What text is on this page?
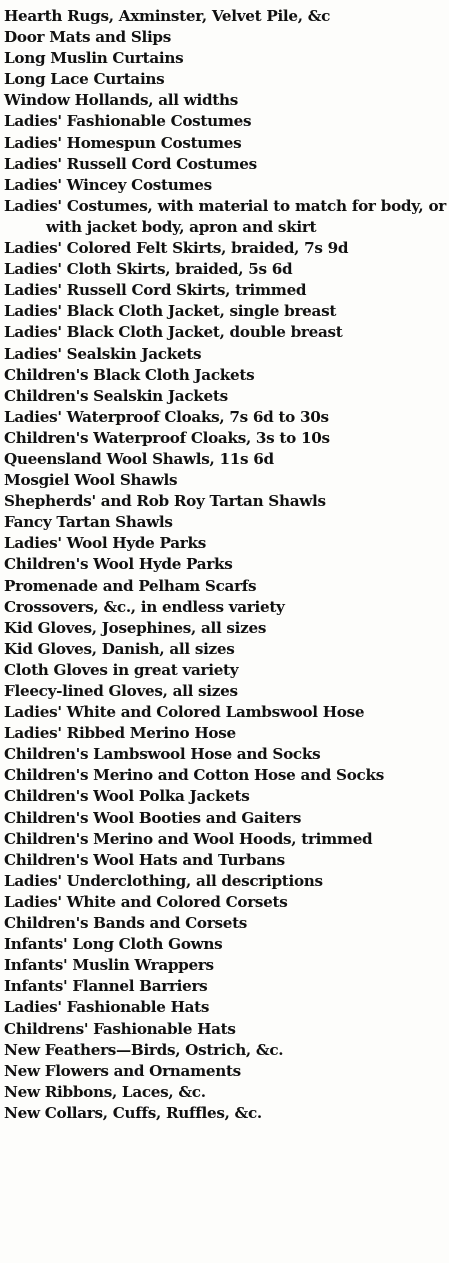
Hearth Rugs, Axminster, Velvet Pile, &c
Door Mats and Slips
Long Muslin Curtains
Long Lace Curtains
Window Hollands, all widths
Ladies' Fashionable Costumes
Ladies' Homespun Costumes
Ladies' Russell Cord Costumes
Ladies' Wincey Costumes
Ladies' Costumes, with material to match for body, or with jacket body, apron and skirt
Ladies' Colored Felt Skirts, braided, 7s 9d
Ladies' Cloth Skirts, braided, 5s 6d
Ladies' Russell Cord Skirts, trimmed
Ladies' Black Cloth Jacket, single breast
Ladies' Black Cloth Jacket, double breast
Ladies' Sealskin Jackets
Children's Black Cloth Jackets
Children's Sealskin Jackets
Ladies' Waterproof Cloaks, 7s 6d to 30s
Children's Waterproof Cloaks, 3s to 10s
Queensland Wool Shawls, 11s 6d
Mosgiel Wool Shawls
Shepherds' and Rob Roy Tartan Shawls
Fancy Tartan Shawls
Ladies' Wool Hyde Parks
Children's Wool Hyde Parks
Promenade and Pelham Scarfs
Crossovers, &c., in endless variety
Kid Gloves, Josephines, all sizes
Kid Gloves, Danish, all sizes
Cloth Gloves in great variety
Fleecy-lined Gloves, all sizes
Ladies' White and Colored Lambswool Hose
Ladies' Ribbed Merino Hose
Children's Lambswool Hose and Socks
Children's Merino and Cotton Hose and Socks
Children's Wool Polka Jackets
Children's Wool Booties and Gaiters
Children's Merino and Wool Hoods, trimmed
Children's Wool Hats and Turbans
Ladies' Underclothing, all descriptions
Ladies' White and Colored Corsets
Children's Bands and Corsets
Infants' Long Cloth Gowns
Infants' Muslin Wrappers
Infants' Flannel Barriers
Ladies' Fashionable Hats
Childrens' Fashionable Hats
New Feathers—Birds, Ostrich, &c.
New Flowers and Ornaments
New Ribbons, Laces, &c.
New Collars, Cuffs, Ruffles, &c.
